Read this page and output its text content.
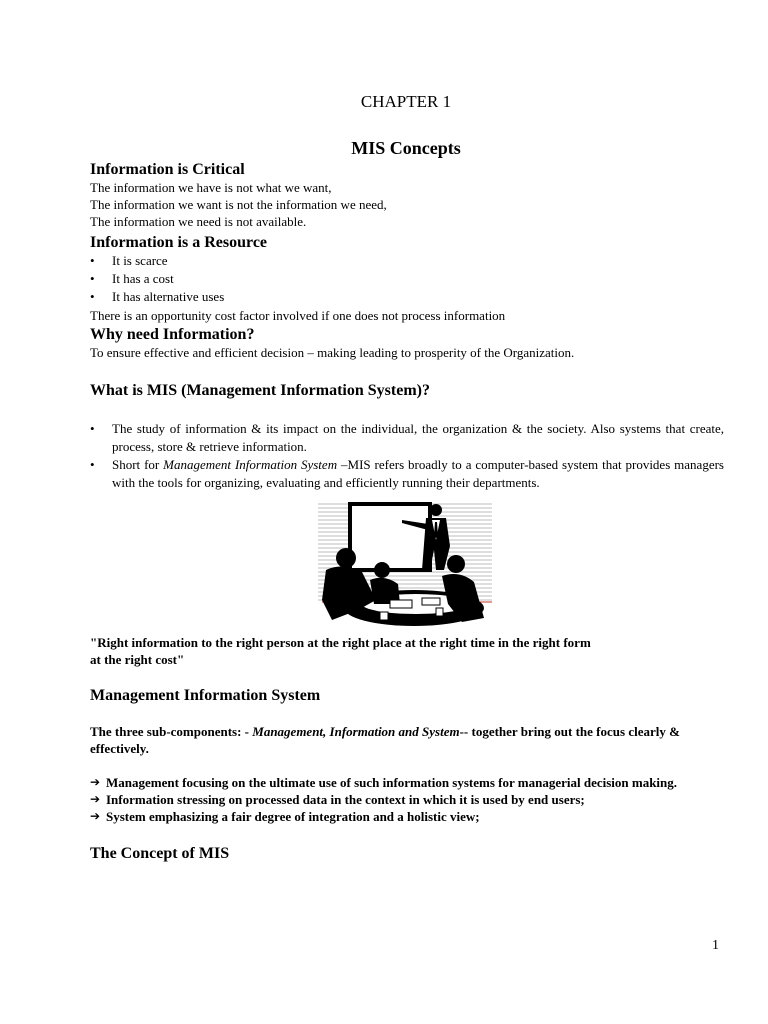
CHAPTER 1
MIS Concepts
Information is Critical
The information we have is not what we want,
The information we want is not the information we need,
The information we need is not available.
Information is a Resource
• It is scarce
• It has a cost
• It has alternative uses
There is an opportunity cost factor involved if one does not process information
Why need Information?
To ensure effective and efficient decision – making leading to prosperity of the Organization.
What is MIS (Management Information System)?
• The study of information & its impact on the individual, the organization & the society. Also systems that create, process, store & retrieve information.
• Short for Management Information System –MIS refers broadly to a computer-based system that provides managers with the tools for organizing, evaluating and efficiently running their departments.
"Right information to the right person at the right place at the right time in the right form
at the right cost"
Management Information System
The three sub-components: - Management, Information and System-- together bring out the focus clearly & effectively.
➔ Management focusing on the ultimate use of such information systems for managerial decision making.
➔ Information stressing on processed data in the context in which it is used by end users;
➔ System emphasizing a fair degree of integration and a holistic view;
The Concept of MIS
1
